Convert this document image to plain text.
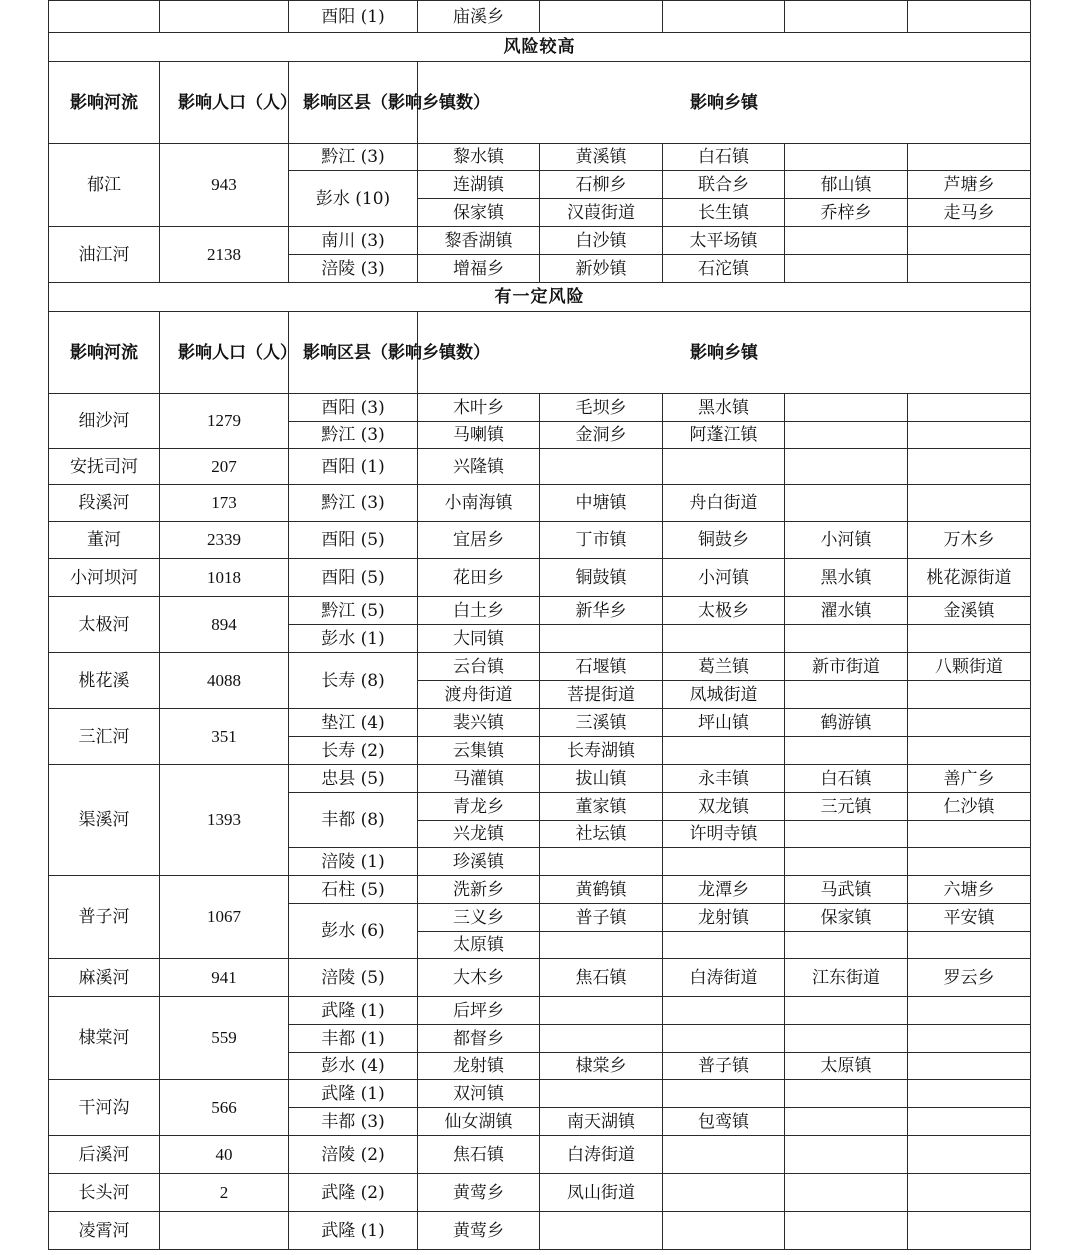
		酉阳 (1)	庙溪乡				
风险较高							
影响河流	影响人口（人）	影响区县（影响乡镇数）	影响乡镇				
郁江	943	黔江 (3)	黎水镇	黄溪镇	白石镇		
		彭水 (10)	连湖镇	石柳乡	联合乡	郁山镇	芦塘乡
			保家镇	汉葭街道	长生镇	乔梓乡	走马乡
油江河	2138	南川 (3)	黎香湖镇	白沙镇	太平场镇		
		涪陵 (3)	增福乡	新妙镇	石沱镇		
有一定风险							
影响河流	影响人口（人）	影响区县（影响乡镇数）	影响乡镇				
细沙河	1279	酉阳 (3)	木叶乡	毛坝乡	黑水镇		
		黔江 (3)	马喇镇	金洞乡	阿蓬江镇		
安抚司河	207	酉阳 (1)	兴隆镇				
段溪河	173	黔江 (3)	小南海镇	中塘镇	舟白街道		
董河	2339	酉阳 (5)	宜居乡	丁市镇	铜鼓乡	小河镇	万木乡
小河坝河	1018	酉阳 (5)	花田乡	铜鼓镇	小河镇	黑水镇	桃花源街道
太极河	894	黔江 (5)	白土乡	新华乡	太极乡	濯水镇	金溪镇
		彭水 (1)	大同镇				
桃花溪	4088	长寿 (8)	云台镇	石堰镇	葛兰镇	新市街道	八颗街道
			渡舟街道	菩提街道	凤城街道		
三汇河	351	垫江 (4)	裴兴镇	三溪镇	坪山镇	鹤游镇	
		长寿 (2)	云集镇	长寿湖镇			
渠溪河	1393	忠县 (5)	马灌镇	拔山镇	永丰镇	白石镇	善广乡
		丰都 (8)	青龙乡	董家镇	双龙镇	三元镇	仁沙镇
			兴龙镇	社坛镇	许明寺镇		
		涪陵 (1)	珍溪镇				
普子河	1067	石柱 (5)	洗新乡	黄鹤镇	龙潭乡	马武镇	六塘乡
		彭水 (6)	三义乡	普子镇	龙射镇	保家镇	平安镇
			太原镇				
麻溪河	941	涪陵 (5)	大木乡	焦石镇	白涛街道	江东街道	罗云乡
棣棠河	559	武隆 (1)	后坪乡				
		丰都 (1)	都督乡				
		彭水 (4)	龙射镇	棣棠乡	普子镇	太原镇	
干河沟	566	武隆 (1)	双河镇				
		丰都 (3)	仙女湖镇	南天湖镇	包鸾镇		
后溪河	40	涪陵 (2)	焦石镇	白涛街道			
长头河	2	武隆 (2)	黄莺乡	凤山街道			
凌霄河		武隆 (1)	黄莺乡				
